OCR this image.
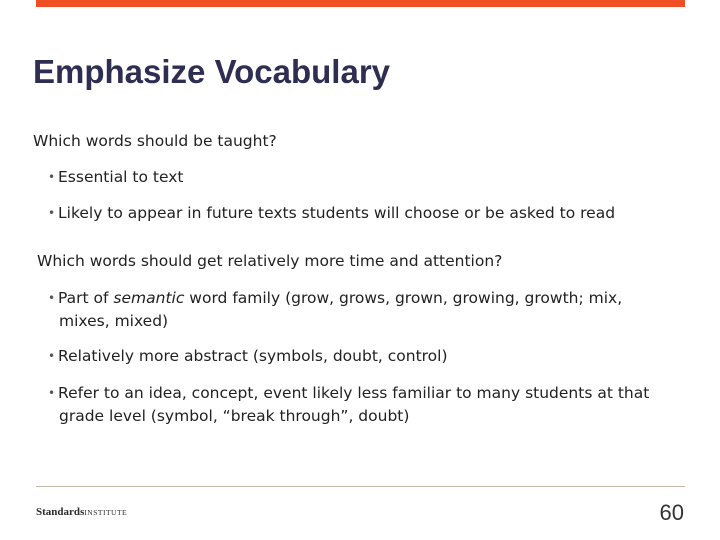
Emphasize Vocabulary
Which words should be taught?
• Essential to text
• Likely to appear in future texts students will choose or be asked to read
Which words should get relatively more time and attention?
• Part of semantic word family (grow, grows, grown, growing, growth; mix,
mixes, mixed)
• Relatively more abstract (symbols, doubt, control)
• Refer to an idea, concept, event likely less familiar to many students at that
grade level (symbol, “break through”, doubt)
StandardsINSTITUTE	60
